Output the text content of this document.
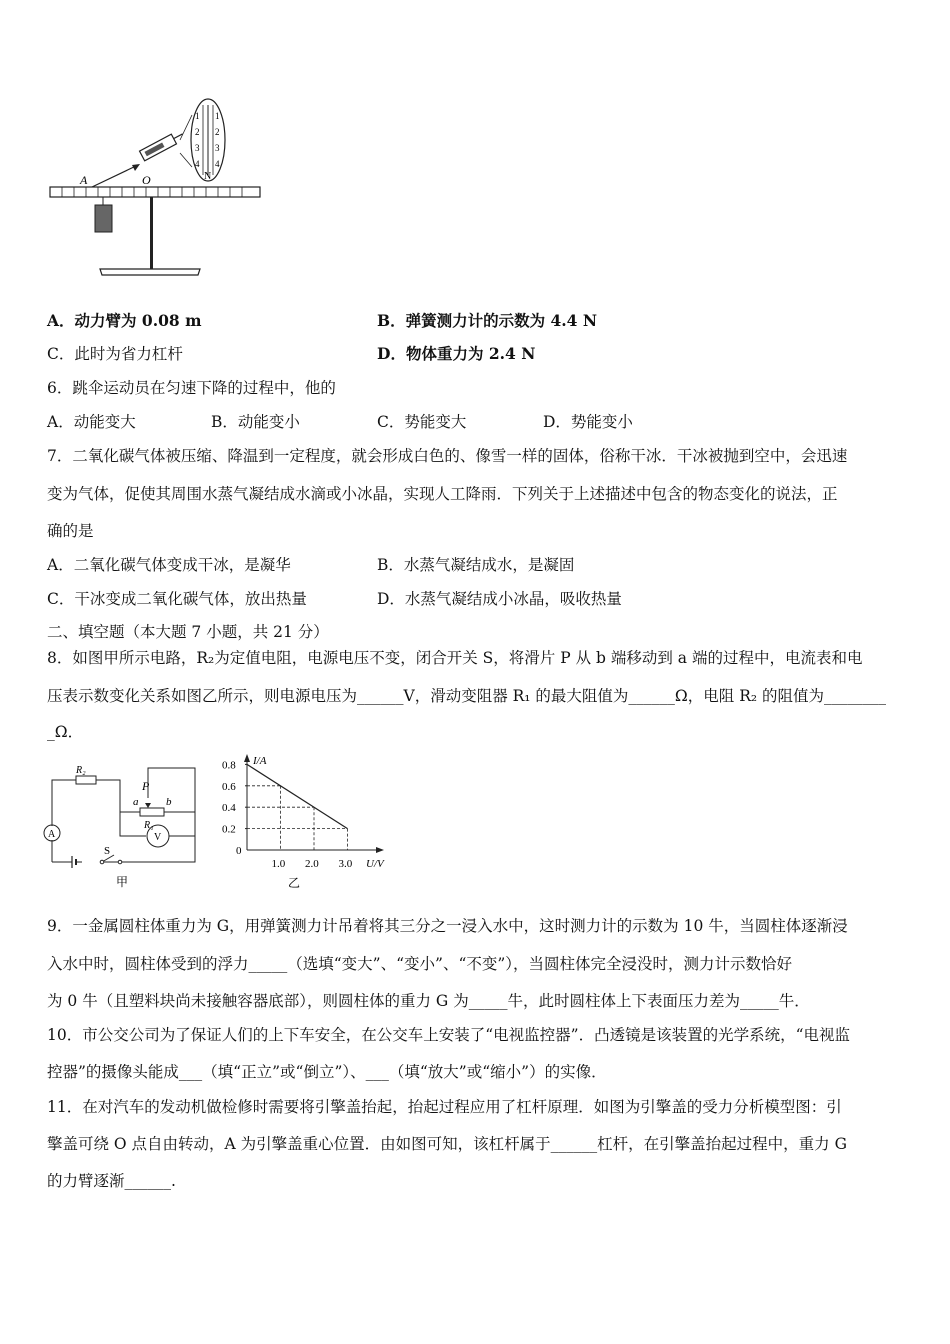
1
2
3
4
1
2
3
4
N
A	O
A．动力臂为 0.08 m	B．弹簧测力计的示数为 4.4 N
C．此时为省力杠杆	D．物体重力为 2.4 N
6．跳伞运动员在匀速下降的过程中，他的
A．动能变大	B．动能变小	C．势能变大	D．势能变小
7．二氧化碳气体被压缩、降温到一定程度，就会形成白色的、像雪一样的固体，俗称干冰．干冰被抛到空中，会迅速
变为气体，促使其周围水蒸气凝结成水滴或小冰晶，实现人工降雨．下列关于上述描述中包含的物态变化的说法，正
确的是
A．二氧化碳气体变成干冰，是凝华	B．水蒸气凝结成水，是凝固
C．干冰变成二氧化碳气体，放出热量	D．水蒸气凝结成小冰晶，吸收热量
二、填空题（本大题 7 小题，共 21 分）
8．如图甲所示电路，R₂为定值电阻，电源电压不变，闭合开关 S，将滑片 P 从 b 端移动到 a 端的过程中，电流表和电
压表示数变化关系如图乙所示，则电源电压为______V，滑动变阻器 R₁ 的最大阻值为______Ω，电阻 R₂ 的阻值为________
_Ω．
R₂
P
a	b
R₁
A	V
S
甲
I/A
U/V
0
0.8
0.6
0.4
0.2
1.0 2.0 3.0
乙
9．一金属圆柱体重力为 G，用弹簧测力计吊着将其三分之一浸入水中，这时测力计的示数为 10 牛，当圆柱体逐渐浸
入水中时，圆柱体受到的浮力_____（选填“变大”、“变小”、“不变”），当圆柱体完全浸没时，测力计示数恰好
为 0 牛（且塑料块尚未接触容器底部），则圆柱体的重力 G 为_____牛，此时圆柱体上下表面压力差为_____牛．
10．市公交公司为了保证人们的上下车安全，在公交车上安装了“电视监控器”．凸透镜是该装置的光学系统，“电视监
控器”的摄像头能成___（填“正立”或“倒立”）、___（填“放大”或“缩小”）的实像．
11．在对汽车的发动机做检修时需要将引擎盖抬起，抬起过程应用了杠杆原理．如图为引擎盖的受力分析模型图：引
擎盖可绕 O 点自由转动，A 为引擎盖重心位置．由如图可知，该杠杆属于______杠杆，在引擎盖抬起过程中，重力 G
的力臂逐渐______.
